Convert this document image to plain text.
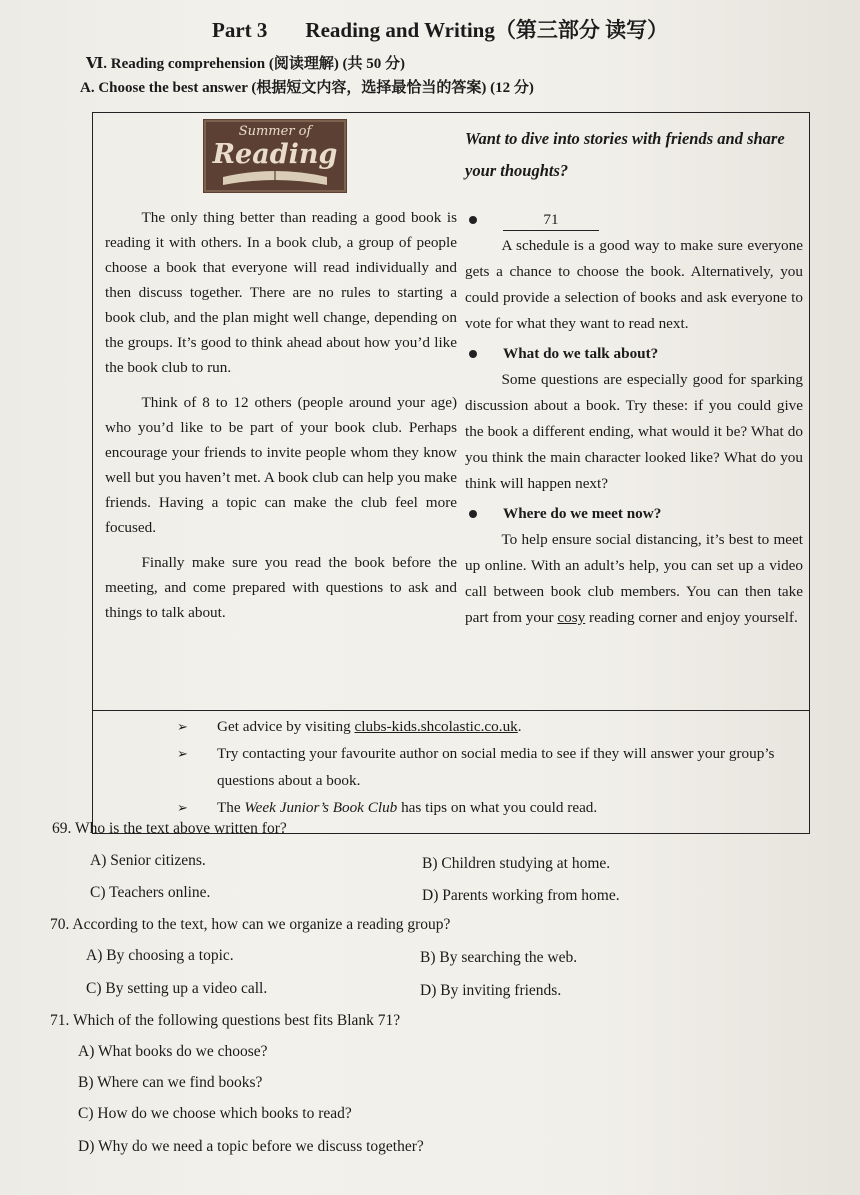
Part 3 Reading and Writing（第三部分 读写）
Ⅵ. Reading comprehension (阅读理解) (共 50 分)
A. Choose the best answer (根据短文内容，选择最恰当的答案) (12 分)
Summer of
Reading

The only thing better than reading a good book is reading it with others. In a book club, a group of people choose a book that everyone will read individually and then discuss together. There are no rules to starting a book club, and the plan might well change, depending on the groups. It’s good to think ahead about how you’d like the book club to run.

Think of 8 to 12 others (people around your age) who you’d like to be part of your book club. Perhaps encourage your friends to invite people whom they know well but you haven’t met. A book club can help you make friends. Having a topic can make the club feel more focused.

Finally make sure you read the book before the meeting, and come prepared with questions to ask and things to talk about.

Want to dive into stories with friends and share your thoughts?
71

A schedule is a good way to make sure everyone gets a chance to choose the book. Alternatively, you could provide a selection of books and ask everyone to vote for what they want to read next.

What do we talk about?

Some questions are especially good for sparking discussion about a book. Try these: if you could give the book a different ending, what would it be? What do you think the main character looked like? What do you think will happen next?

Where do we meet now?

To help ensure social distancing, it’s best to meet up online. With an adult’s help, you can set up a video call between book club members. You can then take part from your cosy reading corner and enjoy yourself.

➢ Get advice by visiting clubs-kids.shcolastic.co.uk.
➢ Try contacting your favourite author on social media to see if they will answer your group’s questions about a book.
➢ The Week Junior’s Book Club has tips on what you could read.
69. Who is the text above written for?
A) Senior citizens.	B) Children studying at home.
C) Teachers online.	D) Parents working from home.
70. According to the text, how can we organize a reading group?
A) By choosing a topic.	B) By searching the web.
C) By setting up a video call.	D) By inviting friends.
71. Which of the following questions best fits Blank 71?
A) What books do we choose?
B) Where can we find books?
C) How do we choose which books to read?
D) Why do we need a topic before we discuss together?
